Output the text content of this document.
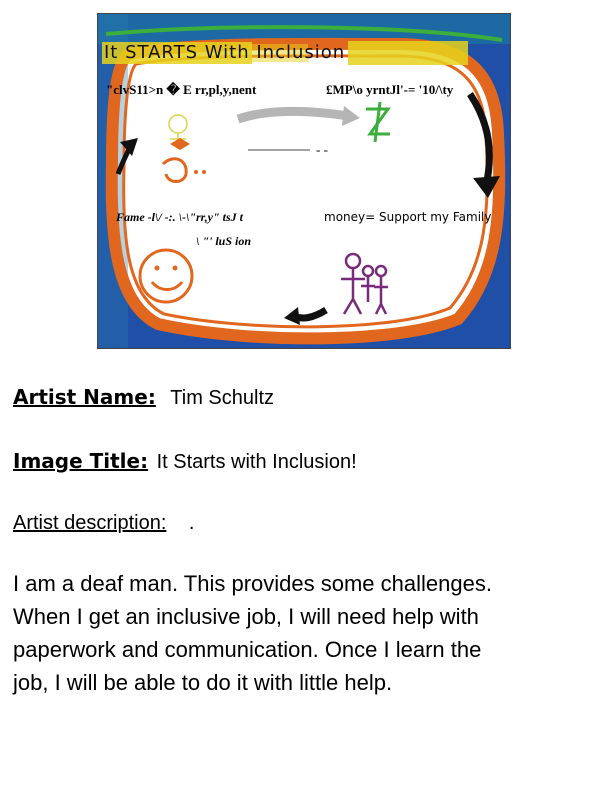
It STARTS With Inclusion
"clvS11>n � E rr,pl,y,nent	£MP\o yrntJl'-= '10/\ty
- -
Fame -l\/ -:. \-\"rr,y" tsJ t	money= Support my Family
\ "' luS ion
Artist Name: Tim Schultz
Image Title: It Starts with Inclusion!
Artist description: .
I am a deaf man. This provides some challenges.
When I get an inclusive job, I will need help with
paperwork and communication. Once I learn the
job, I will be able to do it with little help.
